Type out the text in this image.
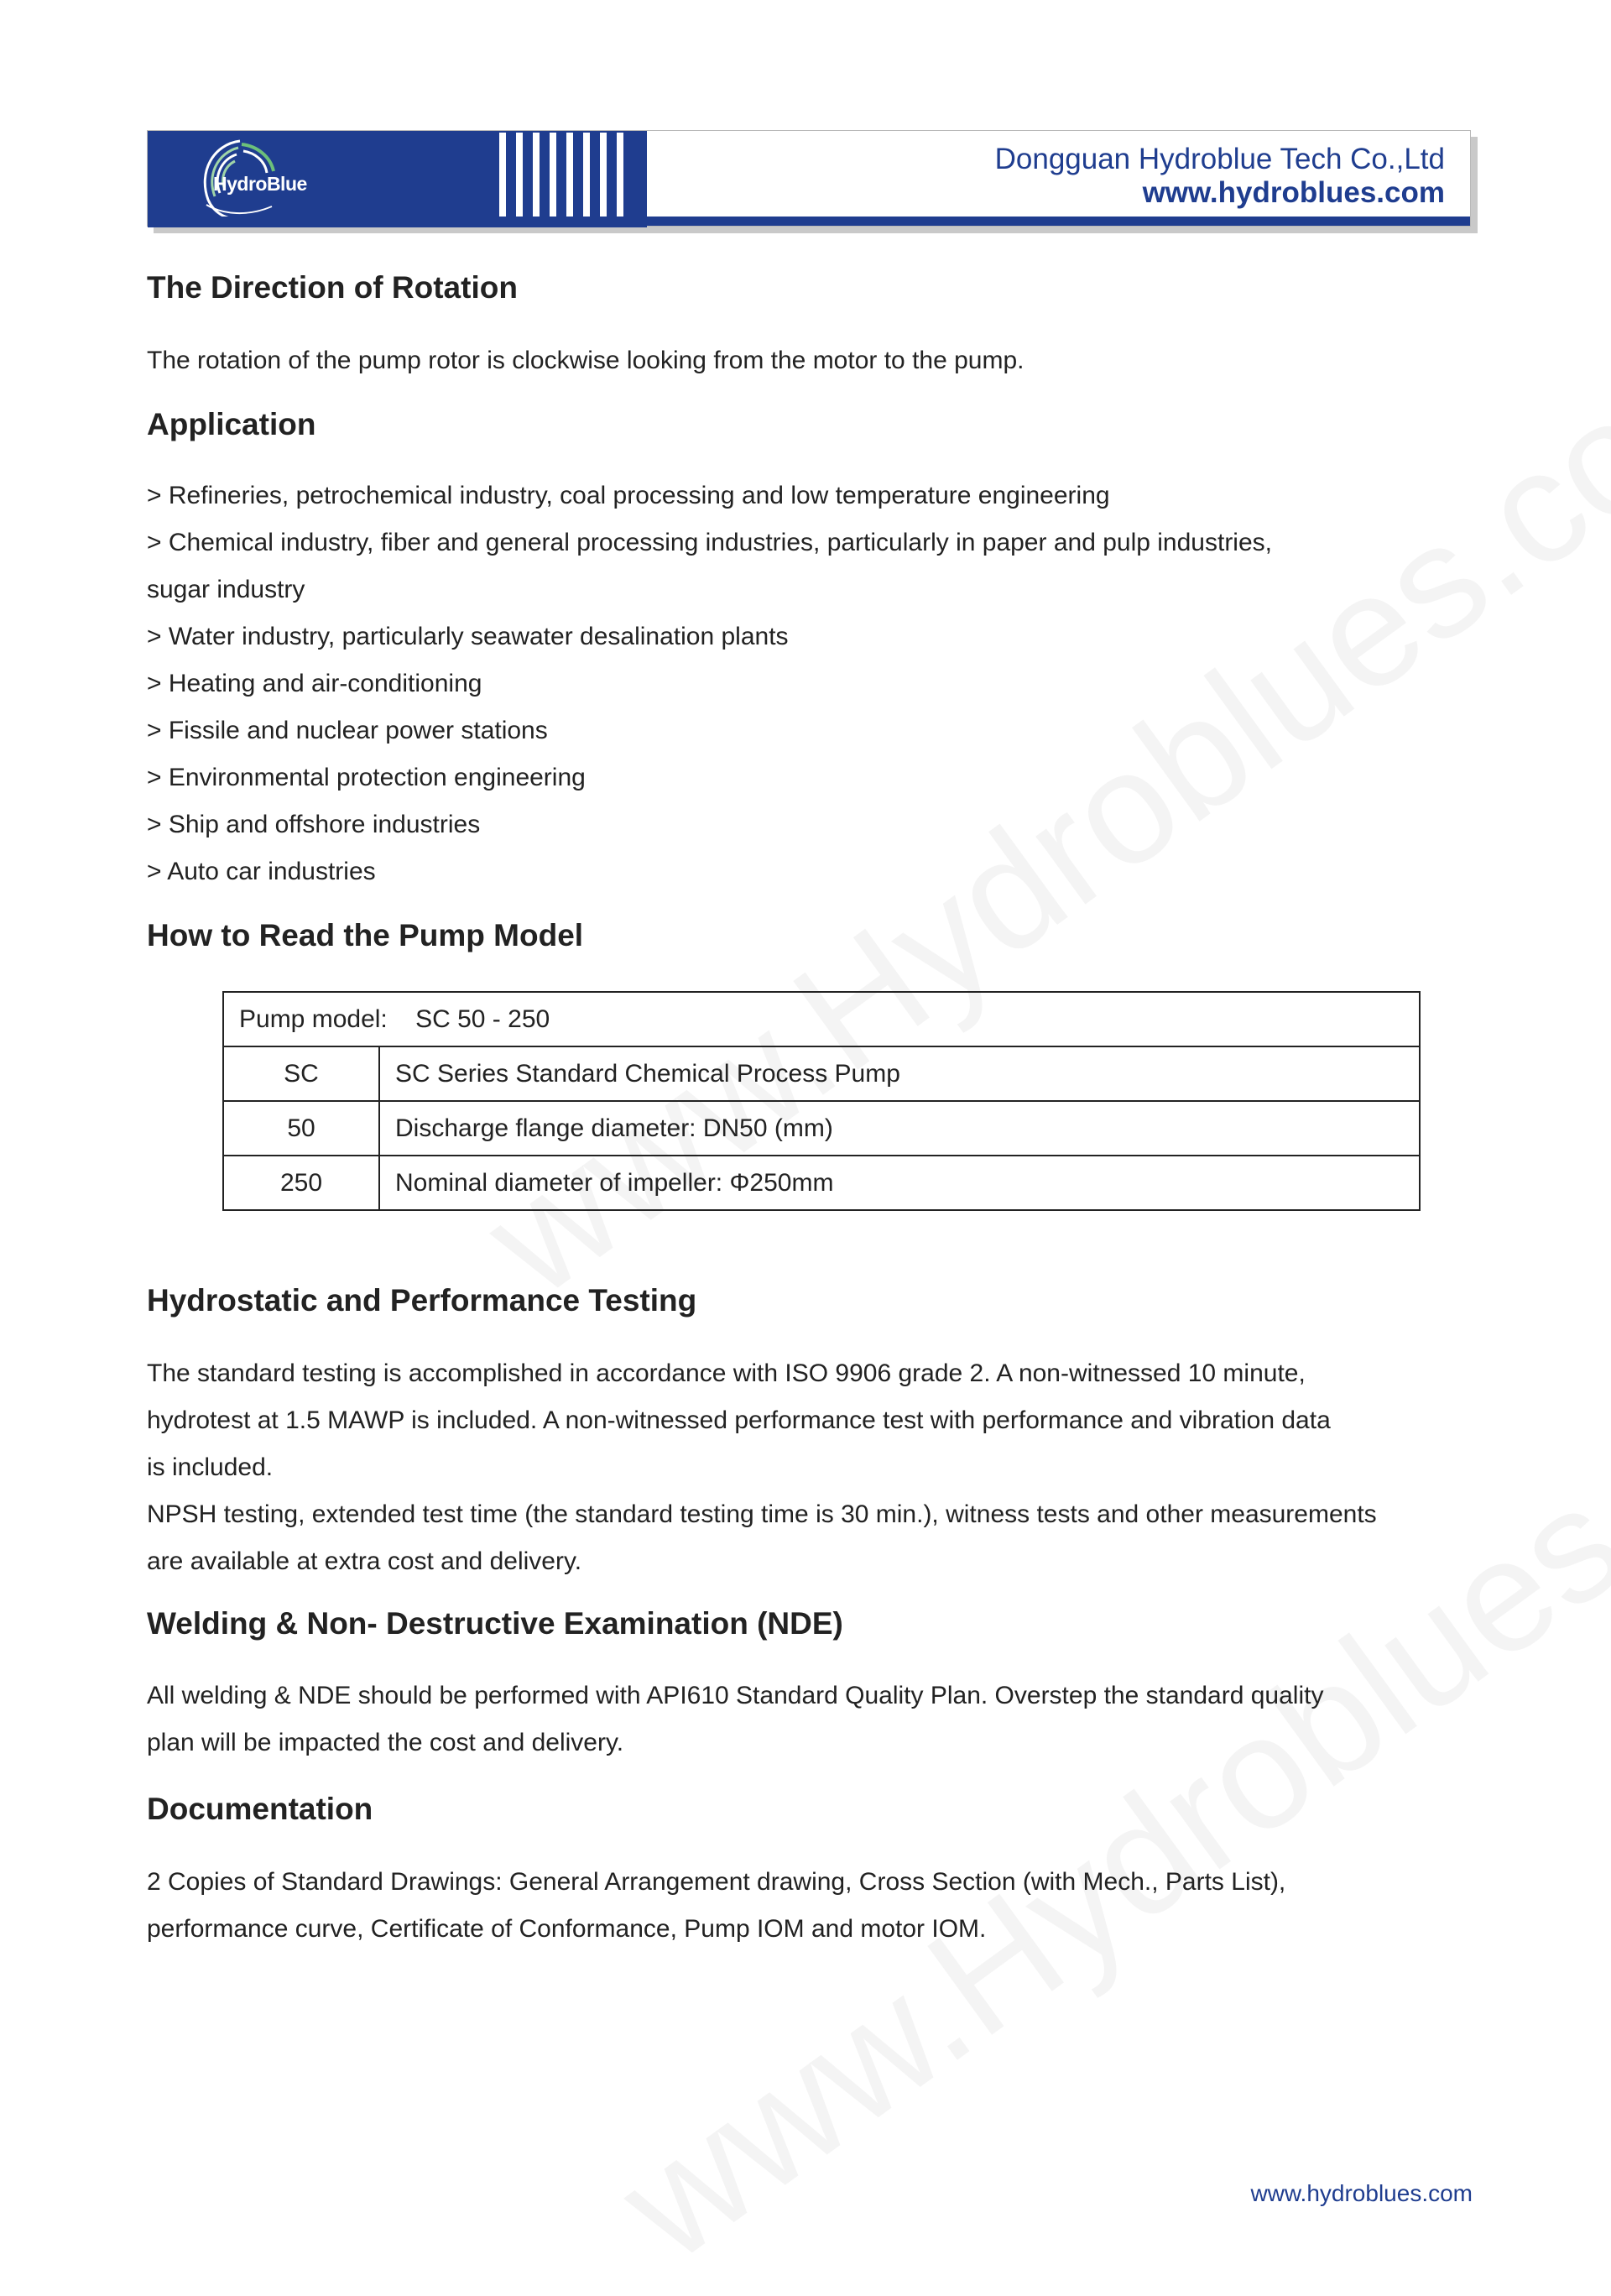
HydroBlue
Dongguan Hydroblue Tech Co.,Ltd
www.hydroblues.com
The Direction of Rotation

The rotation of the pump rotor is clockwise looking from the motor to the pump.

Application
> Refineries, petrochemical industry, coal processing and low temperature engineering
> Chemical industry, fiber and general processing industries, particularly in paper and pulp industries,
sugar industry
> Water industry, particularly seawater desalination plants
> Heating and air-conditioning
> Fissile and nuclear power stations
> Environmental protection engineering
> Ship and offshore industries
> Auto car industries
How to Read the Pump Model
Pump model: SC 50 - 250	
SC	SC Series Standard Chemical Process Pump
50	Discharge flange diameter: DN50 (mm)
250	Nominal diameter of impeller: Φ250mm
Hydrostatic and Performance Testing
The standard testing is accomplished in accordance with ISO 9906 grade 2. A non-witnessed 10 minute,
hydrotest at 1.5 MAWP is included. A non-witnessed performance test with performance and vibration data
is included.
NPSH testing, extended test time (the standard testing time is 30 min.), witness tests and other measurements
are available at extra cost and delivery.
Welding & Non- Destructive Examination (NDE)
All welding & NDE should be performed with API610 Standard Quality Plan. Overstep the standard quality
plan will be impacted the cost and delivery.
Documentation
2 Copies of Standard Drawings: General Arrangement drawing, Cross Section (with Mech., Parts List),
performance curve, Certificate of Conformance, Pump IOM and motor IOM.
www.hydroblues.com
